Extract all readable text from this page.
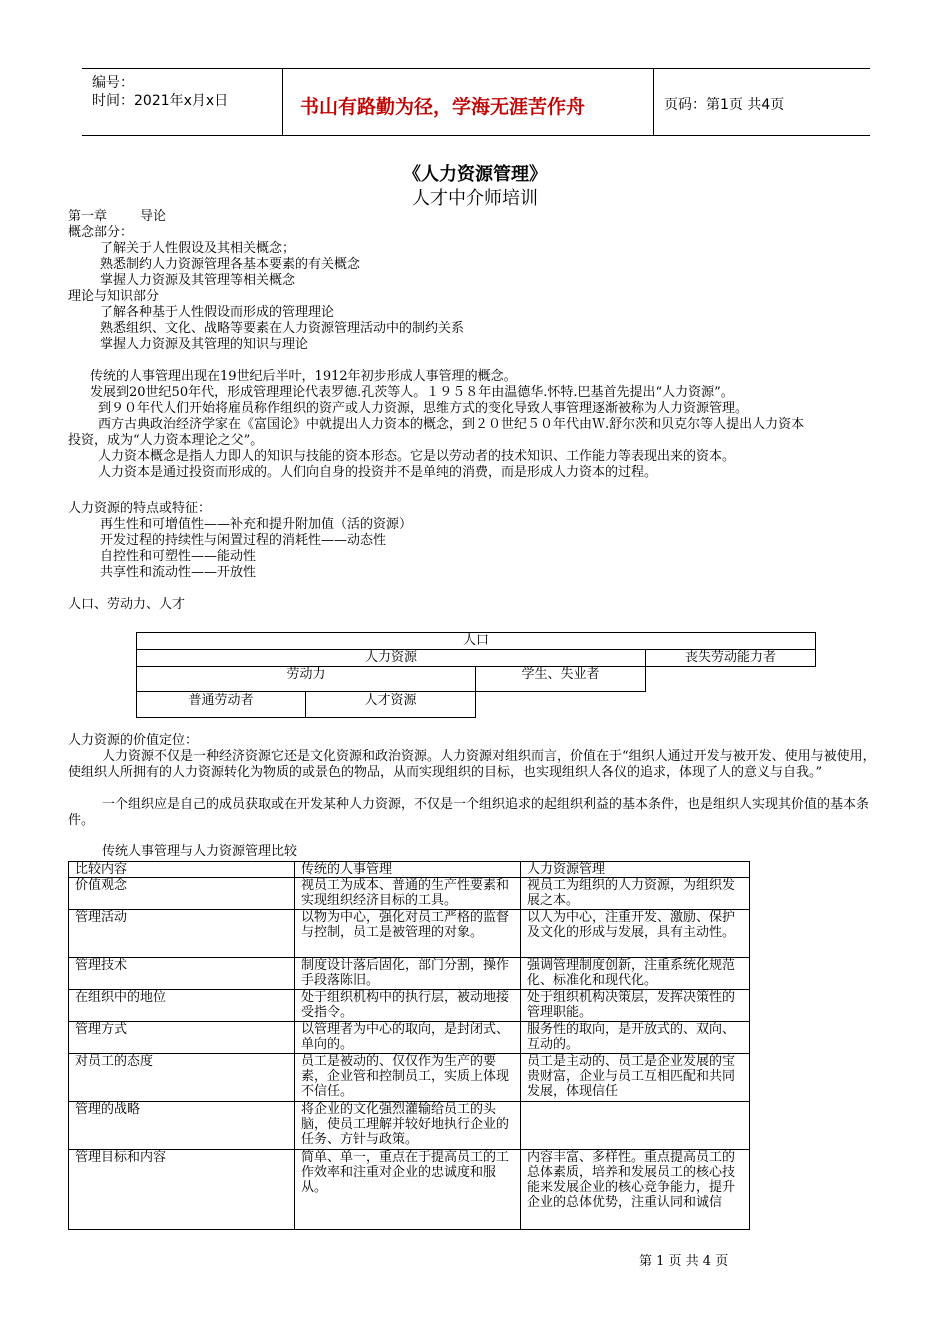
编号：
时间：2021年x月x日	书山有路勤为径，学海无涯苦作舟	页码：第1页 共4页
《人力资源管理》
人才中介师培训
第一章        导论
概念部分：
了解关于人性假设及其相关概念；
熟悉制约人力资源管理各基本要素的有关概念
掌握人力资源及其管理等相关概念
理论与知识部分
了解各种基于人性假设而形成的管理理论
熟悉组织、文化、战略等要素在人力资源管理活动中的制约关系
掌握人力资源及其管理的知识与理论
传统的人事管理出现在19世纪后半叶，1912年初步形成人事管理的概念。
发展到20世纪50年代，形成管理理论代表罗德.孔茨等人。１９５８年由温德华.怀特.巴基首先提出“人力资源”。
到９０年代人们开始将雇员称作组织的资产或人力资源，思维方式的变化导致人事管理逐渐被称为人力资源管理。
西方古典政治经济学家在《富国论》中就提出人力资本的概念，到２０世纪５０年代由Ｗ.舒尔茨和贝克尔等人提出人力资本
投资，成为“人力资本理论之父”。
人力资本概念是指人力即人的知识与技能的资本形态。它是以劳动者的技术知识、工作能力等表现出来的资本。
人力资本是通过投资而形成的。人们向自身的投资并不是单纯的消费，而是形成人力资本的过程。
人力资源的特点或特征：
再生性和可增值性——补充和提升附加值（活的资源）
开发过程的持续性与闲置过程的消耗性——动态性
自控性和可塑性——能动性
共享性和流动性——开放性
人口、劳动力、人才
人口
人力资源	丧失劳动能力者
劳动力	学生、失业者
普通劳动者	人才资源
人力资源的价值定位：
人力资源不仅是一种经济资源它还是文化资源和政治资源。人力资源对组织而言，价值在于“组织人通过开发与被开发、使用与被使用，使组织人所拥有的人力资源转化为物质的或景色的物品，从而实现组织的目标，也实现组织人各仪的追求，体现了人的意义与自我。”
一个组织应是自己的成员获取或在开发某种人力资源，不仅是一个组织追求的起组织利益的基本条件，也是组织人实现其价值的基本条件。
传统人事管理与人力资源管理比较
比较内容	传统的人事管理	人力资源管理
价值观念	视员工为成本、普通的生产性要素和实现组织经济目标的工具。	视员工为组织的人力资源，为组织发展之本。
管理活动	以物为中心，强化对员工严格的监督与控制，员工是被管理的对象。	以人为中心，注重开发、激励、保护及文化的形成与发展，具有主动性。
管理技术	制度设计落后固化，部门分割，操作手段落陈旧。	强调管理制度创新，注重系统化规范化、标准化和现代化。
在组织中的地位	处于组织机构中的执行层，被动地接受指令。	处于组织机构决策层，发挥决策性的管理职能。
管理方式	以管理者为中心的取向，是封闭式、单向的。	服务性的取向，是开放式的、双向、互动的。
对员工的态度	员工是被动的、仅仅作为生产的要素，企业管和控制员工，实质上体现不信任。	员工是主动的、员工是企业发展的宝贵财富，企业与员工互相匹配和共同发展，体现信任
管理的战略	将企业的文化强烈灌输给员工的头脑，使员工理解并较好地执行企业的任务、方针与政策。	
管理目标和内容	简单、单一，重点在于提高员工的工作效率和注重对企业的忠诚度和服从。	内容丰富、多样性。重点提高员工的总体素质，培养和发展员工的核心技能来发展企业的核心竞争能力，提升企业的总体优势，注重认同和诚信
第 1 页 共 4 页
